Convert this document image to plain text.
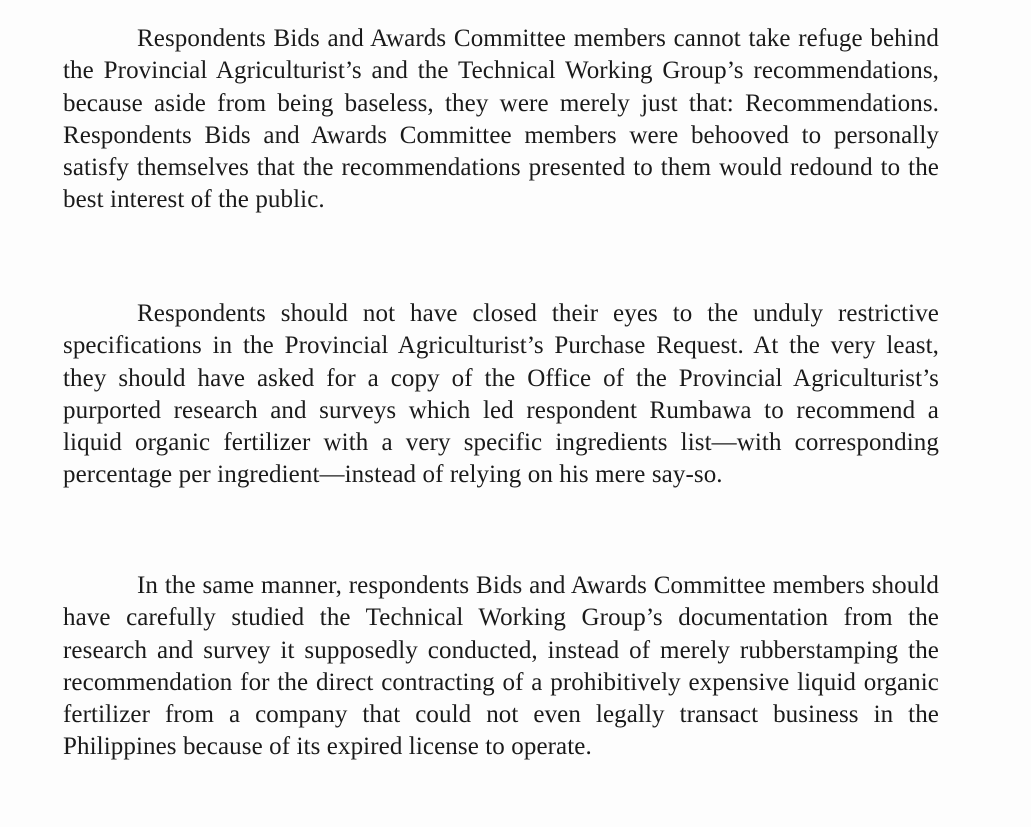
Respondents Bids and Awards Committee members cannot take refuge behind the Provincial Agriculturist’s and the Technical Working Group’s recommendations, because aside from being baseless, they were merely just that: Recommendations. Respondents Bids and Awards Committee members were behooved to personally satisfy themselves that the recommendations presented to them would redound to the best interest of the public.

Respondents should not have closed their eyes to the unduly restrictive specifications in the Provincial Agriculturist’s Purchase Request. At the very least, they should have asked for a copy of the Office of the Provincial Agriculturist’s purported research and surveys which led respondent Rumbawa to recommend a liquid organic fertilizer with a very specific ingredients list—with corresponding percentage per ingredient—instead of relying on his mere say-so.

In the same manner, respondents Bids and Awards Committee members should have carefully studied the Technical Working Group’s documentation from the research and survey it supposedly conducted, instead of merely rubberstamping the recommendation for the direct contracting of a prohibitively expensive liquid organic fertilizer from a company that could not even legally transact business in the Philippines because of its expired license to operate.
